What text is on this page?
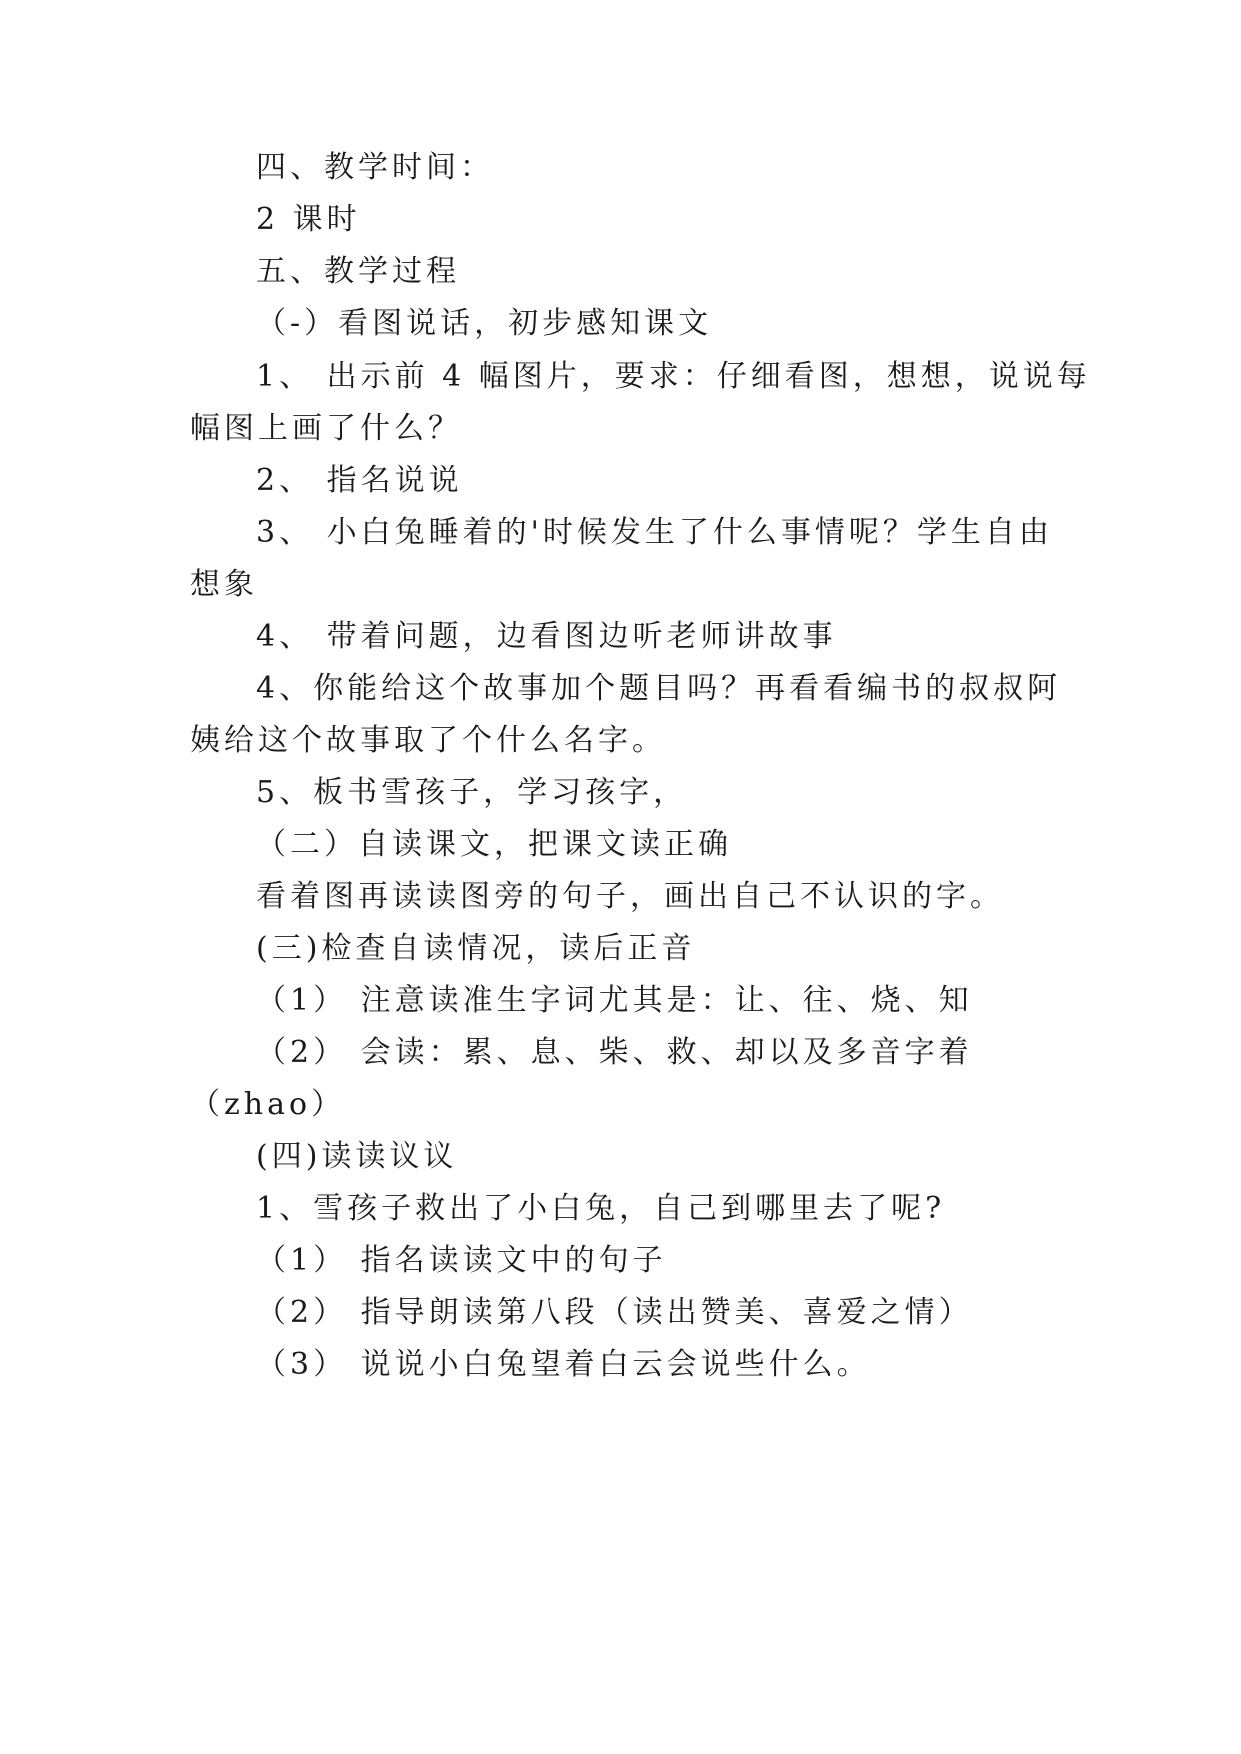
四、教学时间：
2 课时
五、教学过程
（-）看图说话，初步感知课文
1、 出示前 4 幅图片，要求：仔细看图，想想，说说每
幅图上画了什么？
2、 指名说说
3、 小白兔睡着的'时候发生了什么事情呢？学生自由
想象
4、 带着问题，边看图边听老师讲故事
4、你能给这个故事加个题目吗？再看看编书的叔叔阿
姨给这个故事取了个什么名字。
5、板书雪孩子，学习孩字，
（二）自读课文，把课文读正确
看着图再读读图旁的句子，画出自己不认识的字。
(三)检查自读情况，读后正音
（1） 注意读准生字词尤其是：让、往、烧、知
（2） 会读：累、息、柴、救、却以及多音字着
（zhao）
(四)读读议议
1、雪孩子救出了小白兔，自己到哪里去了呢?
（1） 指名读读文中的句子
（2） 指导朗读第八段（读出赞美、喜爱之情）
（3） 说说小白兔望着白云会说些什么。
